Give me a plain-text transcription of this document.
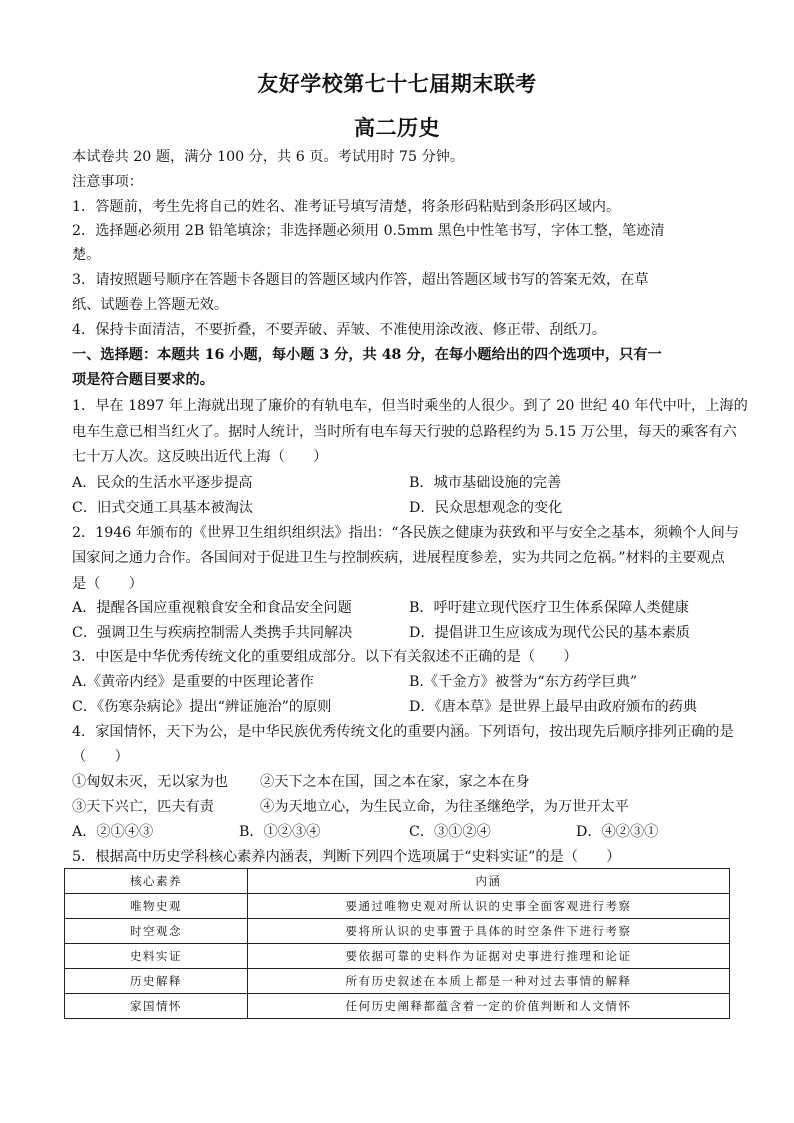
友好学校第七十七届期末联考
高二历史
本试卷共 20 题，满分 100 分，共 6 页。考试用时 75 分钟。
注意事项：
1．答题前，考生先将自己的姓名、准考证号填写清楚，将条形码粘贴到条形码区域内。
2．选择题必须用 2B 铅笔填涂；非选择题必须用 0.5mm 黑色中性笔书写，字体工整，笔迹清
楚。
3．请按照题号顺序在答题卡各题目的答题区域内作答，超出答题区域书写的答案无效，在草
纸、试题卷上答题无效。
4．保持卡面清洁，不要折叠，不要弄破、弄皱、不准使用涂改液、修正带、刮纸刀。
一、选择题：本题共 16 小题，每小题 3 分，共 48 分，在每小题给出的四个选项中，只有一
项是符合题目要求的。
1．早在 1897 年上海就出现了廉价的有轨电车，但当时乘坐的人很少。到了 20 世纪 40 年代中叶，上海的
电车生意已相当红火了。据时人统计，当时所有电车每天行驶的总路程约为 5.15 万公里，每天的乘客有六
七十万人次。这反映出近代上海（　　）
A．民众的生活水平逐步提高	B．城市基础设施的完善
C．旧式交通工具基本被淘汰	D．民众思想观念的变化
2．1946 年颁布的《世界卫生组织组织法》指出：“各民族之健康为获致和平与安全之基本，须赖个人间与
国家间之通力合作。各国间对于促进卫生与控制疾病，进展程度参差，实为共同之危祸。”材料的主要观点
是（　　）
A．提醒各国应重视粮食安全和食品安全问题	B．呼吁建立现代医疗卫生体系保障人类健康
C．强调卫生与疾病控制需人类携手共同解决	D．提倡讲卫生应该成为现代公民的基本素质
3．中医是中华优秀传统文化的重要组成部分。以下有关叙述不正确的是（　　）
A.《黄帝内经》是重要的中医理论著作	B.《千金方》被誉为“东方药学巨典”
C．《伤寒杂病论》提出“辨证施治”的原则	D．《唐本草》是世界上最早由政府颁布的药典
4．家国情怀，天下为公，是中华民族优秀传统文化的重要内涵。下列语句，按出现先后顺序排列正确的是
（　　）
①匈奴未灭，无以家为也 ②天下之本在国，国之本在家，家之本在身
③天下兴亡，匹夫有责	④为天地立心，为生民立命，为往圣继绝学，为万世开太平
A．②①④③	B．①②③④	C．③①②④	D．④②③①
5．根据高中历史学科核心素养内涵表，判断下列四个选项属于“史料实证”的是（　　）
核心素养	内涵
唯物史观	要通过唯物史观对所认识的史事全面客观进行考察
时空观念	要将所认识的史事置于具体的时空条件下进行考察
史料实证	要依据可靠的史料作为证据对史事进行推理和论证
历史解释	所有历史叙述在本质上都是一种对过去事情的解释
家国情怀	任何历史阐释都蕴含着一定的价值判断和人文情怀
